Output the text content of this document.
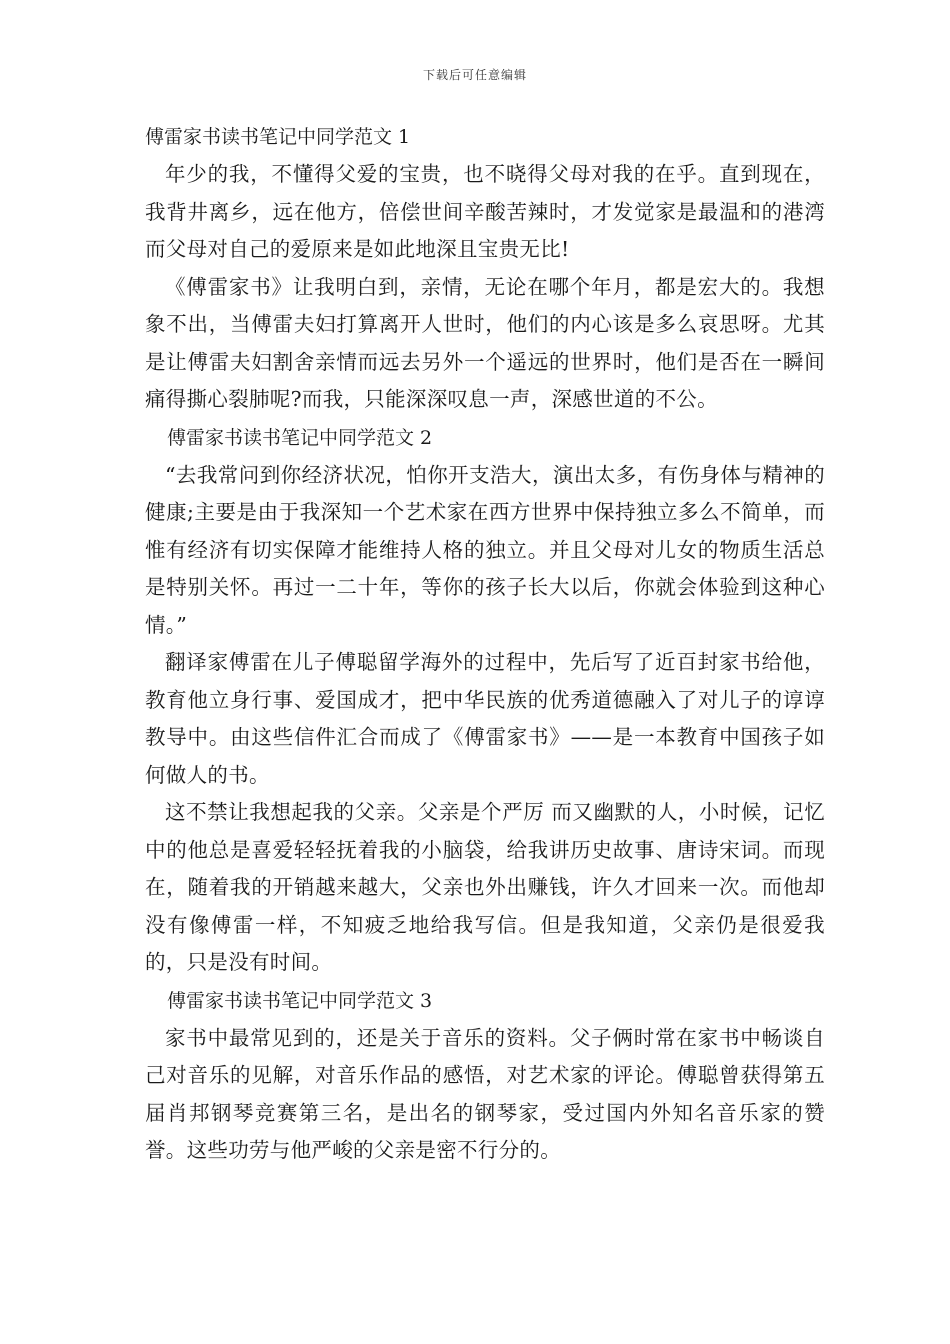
下载后可任意编辑
傅雷家书读书笔记中同学范文 1

年少的我，不懂得父爱的宝贵，也不晓得父母对我的在乎。直到现在，我背井离乡，远在他方，倍偿世间辛酸苦辣时，才发觉家是最温和的港湾而父母对自己的爱原来是如此地深且宝贵无比!

《傅雷家书》让我明白到，亲情，无论在哪个年月，都是宏大的。我想象不出，当傅雷夫妇打算离开人世时，他们的内心该是多么哀思呀。尤其是让傅雷夫妇割舍亲情而远去另外一个遥远的世界时，他们是否在一瞬间痛得撕心裂肺呢?而我，只能深深叹息一声，深感世道的不公。

傅雷家书读书笔记中同学范文 2

“去我常问到你经济状况，怕你开支浩大，演出太多，有伤身体与精神的健康;主要是由于我深知一个艺术家在西方世界中保持独立多么不简单，而惟有经济有切实保障才能维持人格的独立。并且父母对儿女的物质生活总是特别关怀。再过一二十年，等你的孩子长大以后，你就会体验到这种心情。”

翻译家傅雷在儿子傅聪留学海外的过程中，先后写了近百封家书给他，教育他立身行事、爱国成才，把中华民族的优秀道德融入了对儿子的谆谆教导中。由这些信件汇合而成了《傅雷家书》——是一本教育中国孩子如何做人的书。

这不禁让我想起我的父亲。父亲是个严厉 而又幽默的人，小时候，记忆中的他总是喜爱轻轻抚着我的小脑袋，给我讲历史故事、唐诗宋词。而现在，随着我的开销越来越大，父亲也外出赚钱，许久才回来一次。而他却没有像傅雷一样，不知疲乏地给我写信。但是我知道，父亲仍是很爱我的，只是没有时间。

傅雷家书读书笔记中同学范文 3

家书中最常见到的，还是关于音乐的资料。父子俩时常在家书中畅谈自己对音乐的见解，对音乐作品的感悟，对艺术家的评论。傅聪曾获得第五届肖邦钢琴竞赛第三名，是出名的钢琴家，受过国内外知名音乐家的赞誉。这些功劳与他严峻的父亲是密不行分的。
